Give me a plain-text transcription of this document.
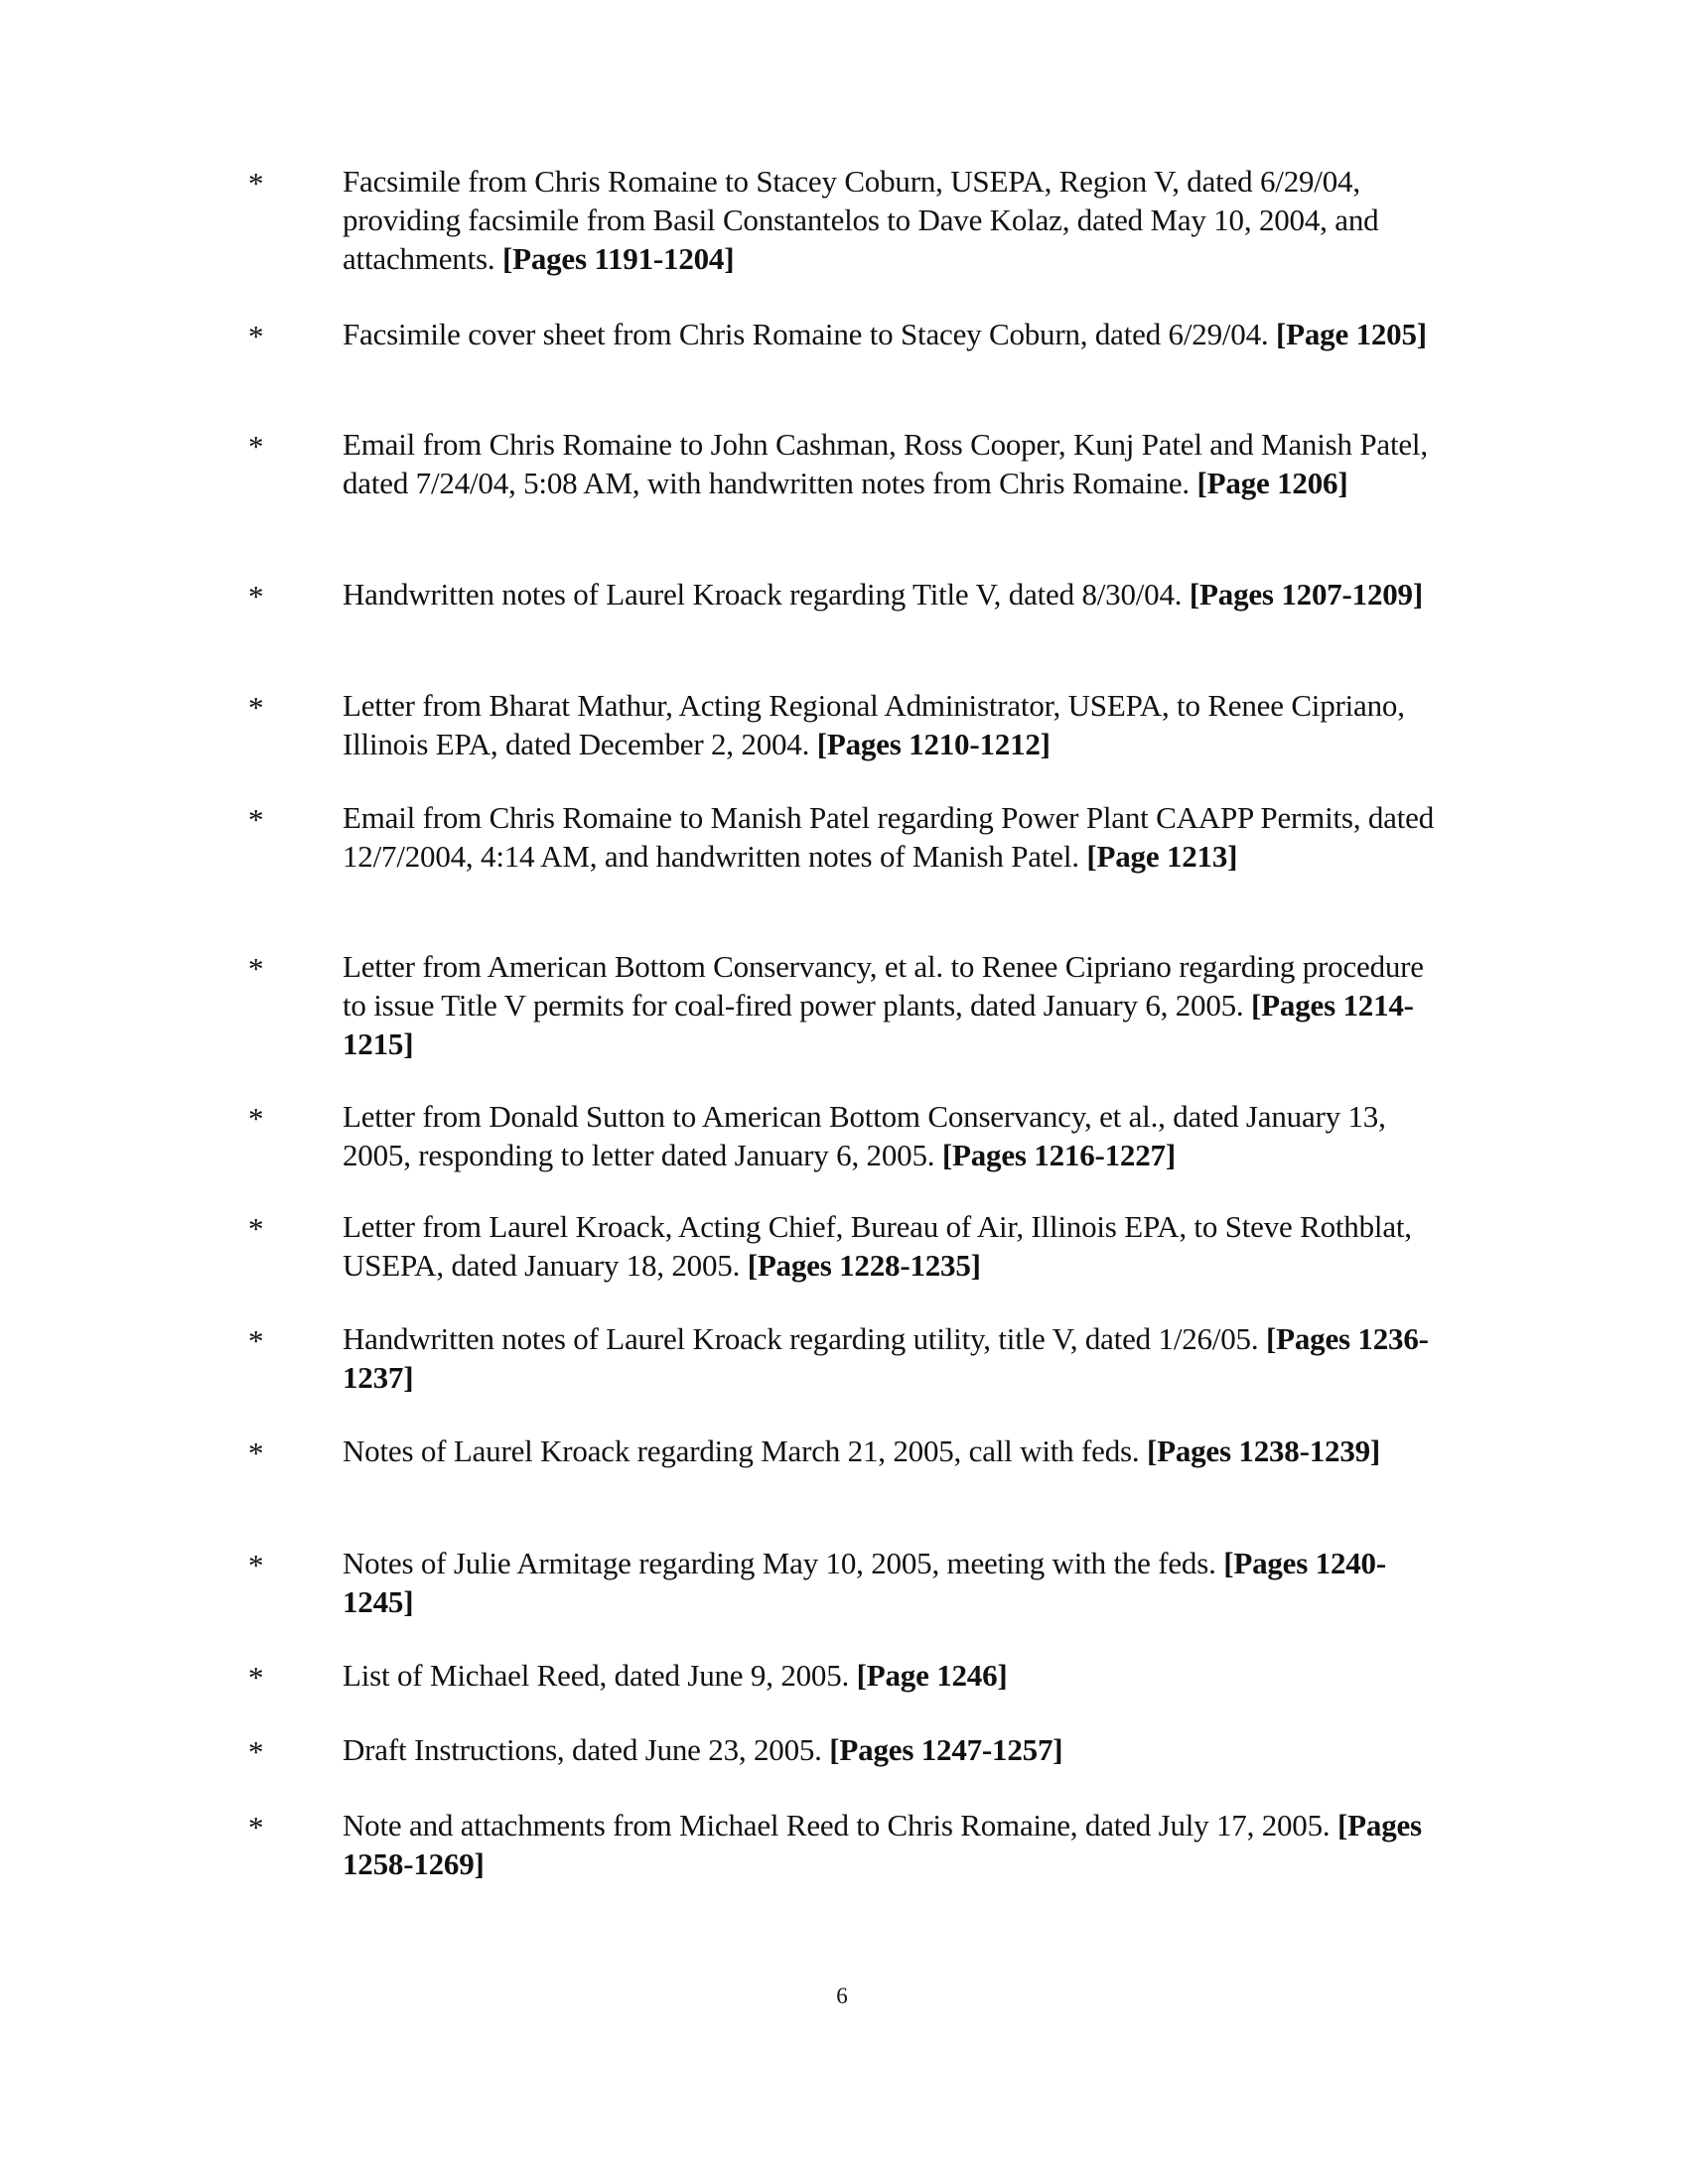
*	Facsimile from Chris Romaine to Stacey Coburn, USEPA, Region V, dated 6/29/04, providing facsimile from Basil Constantelos to Dave Kolaz, dated May 10, 2004, and attachments. [Pages 1191-1204]
*	Facsimile cover sheet from Chris Romaine to Stacey Coburn, dated 6/29/04. [Page 1205]
*	Email from Chris Romaine to John Cashman, Ross Cooper, Kunj Patel and Manish Patel, dated 7/24/04, 5:08 AM, with handwritten notes from Chris Romaine. [Page 1206]
*	Handwritten notes of Laurel Kroack regarding Title V, dated 8/30/04. [Pages 1207-1209]
*	Letter from Bharat Mathur, Acting Regional Administrator, USEPA, to Renee Cipriano, Illinois EPA, dated December 2, 2004. [Pages 1210-1212]
*	Email from Chris Romaine to Manish Patel regarding Power Plant CAAPP Permits, dated 12/7/2004, 4:14 AM, and handwritten notes of Manish Patel. [Page 1213]
*	Letter from American Bottom Conservancy, et al. to Renee Cipriano regarding procedure to issue Title V permits for coal-fired power plants, dated January 6, 2005. [Pages 1214-1215]
*	Letter from Donald Sutton to American Bottom Conservancy, et al., dated January 13, 2005, responding to letter dated January 6, 2005. [Pages 1216-1227]
*	Letter from Laurel Kroack, Acting Chief, Bureau of Air, Illinois EPA, to Steve Rothblat, USEPA, dated January 18, 2005. [Pages 1228-1235]
*	Handwritten notes of Laurel Kroack regarding utility, title V, dated 1/26/05. [Pages 1236-1237]
*	Notes of Laurel Kroack regarding March 21, 2005, call with feds. [Pages 1238-1239]
*	Notes of Julie Armitage regarding May 10, 2005, meeting with the feds. [Pages 1240-1245]
*	List of Michael Reed, dated June 9, 2005. [Page 1246]
*	Draft Instructions, dated June 23, 2005. [Pages 1247-1257]
*	Note and attachments from Michael Reed to Chris Romaine, dated July 17, 2005. [Pages 1258-1269]
6
